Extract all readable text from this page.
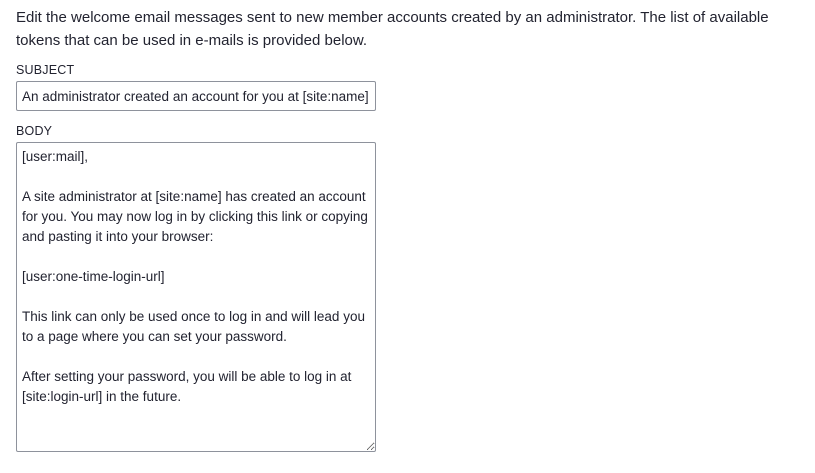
Edit the welcome email messages sent to new member accounts created by an administrator. The list of available tokens that can be used in e-mails is provided below.

SUBJECT
An administrator created an account for you at [site:name]
BODY
[user:mail], A site administrator at [site:name] has created an account for you. You may now log in by clicking this link or copying and pasting it into your browser: [user:one-time-login-url] This link can only be used once to log in and will lead you to a page where you can set your password. After setting your password, you will be able to log in at [site:login-url] in the future.
